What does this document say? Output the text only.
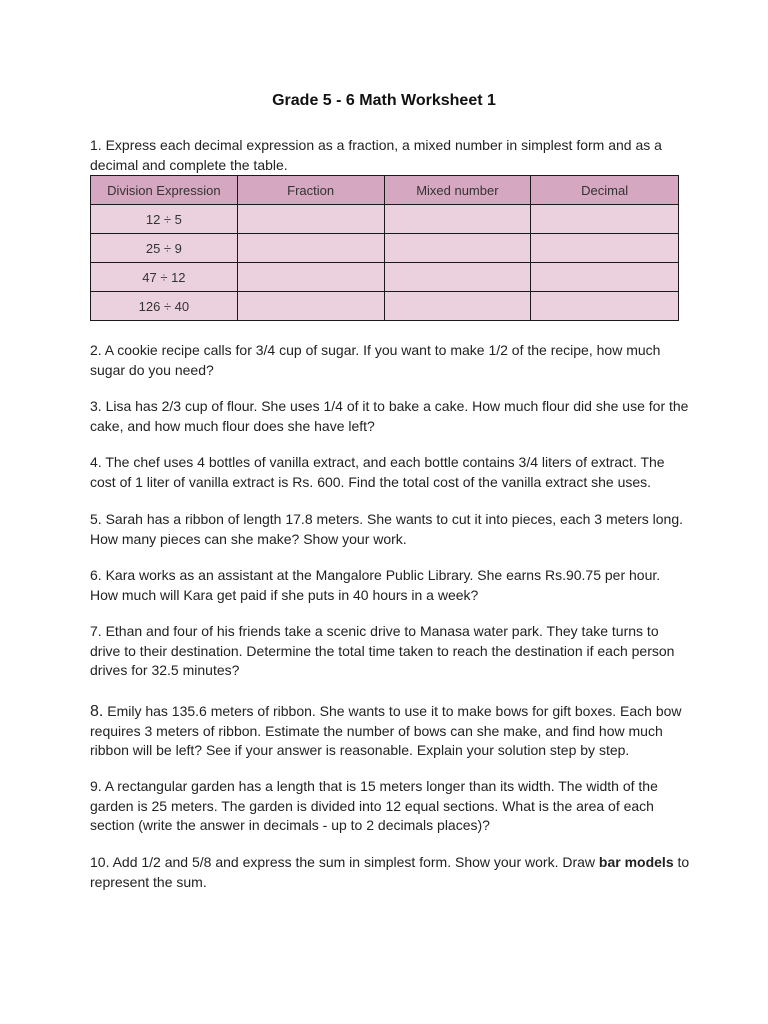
Grade 5 - 6 Math Worksheet 1

1. Express each decimal expression as a fraction, a mixed number in simplest form and as a decimal and complete the table.

Division Expression	Fraction	Mixed number	Decimal
12 ÷ 5			
25 ÷ 9			
47 ÷ 12			
126 ÷ 40			

2. A cookie recipe calls for 3/4 cup of sugar. If you want to make 1/2 of the recipe, how much sugar do you need?

3. Lisa has 2/3 cup of flour. She uses 1/4 of it to bake a cake. How much flour did she use for the cake, and how much flour does she have left?

4. The chef uses 4 bottles of vanilla extract, and each bottle contains 3/4 liters of extract. The cost of 1 liter of vanilla extract is Rs. 600. Find the total cost of the vanilla extract she uses.

5. Sarah has a ribbon of length 17.8 meters. She wants to cut it into pieces, each 3 meters long. How many pieces can she make? Show your work.

6. Kara works as an assistant at the Mangalore Public Library. She earns Rs.90.75 per hour. How much will Kara get paid if she puts in 40 hours in a week?

7. Ethan and four of his friends take a scenic drive to Manasa water park. They take turns to drive to their destination. Determine the total time taken to reach the destination if each person drives for 32.5 minutes?

8. Emily has 135.6 meters of ribbon. She wants to use it to make bows for gift boxes. Each bow requires 3 meters of ribbon. Estimate the number of bows can she make, and find how much ribbon will be left? See if your answer is reasonable. Explain your solution step by step.

9. A rectangular garden has a length that is 15 meters longer than its width. The width of the garden is 25 meters. The garden is divided into 12 equal sections. What is the area of each section (write the answer in decimals - up to 2 decimals places)?

10. Add 1/2 and 5/8 and express the sum in simplest form. Show your work. Draw bar models to represent the sum.
